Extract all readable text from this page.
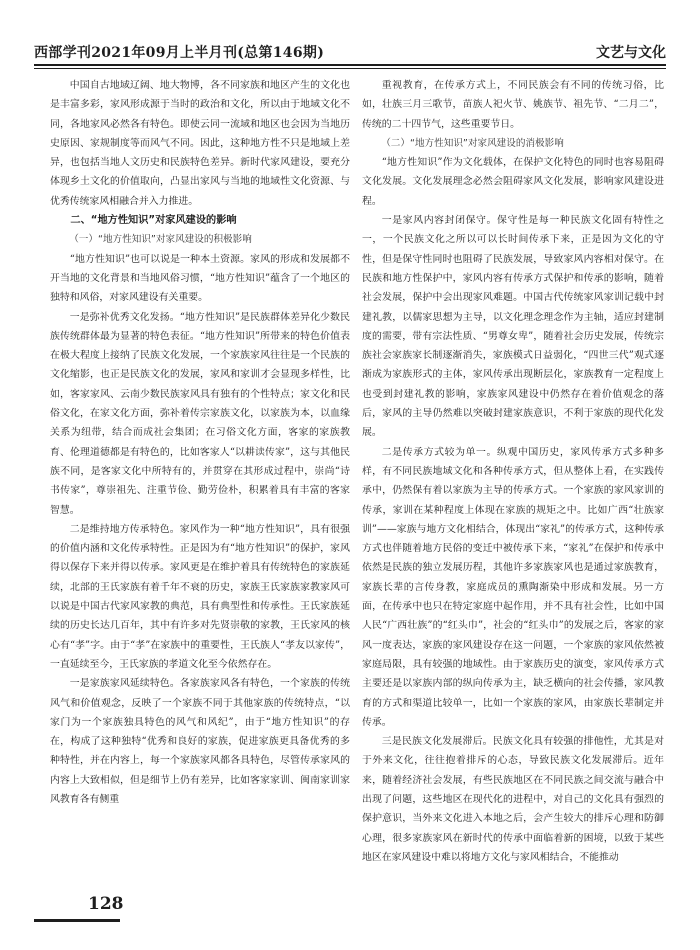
西部学刊2021年09月上半月刊(总第146期)	文艺与文化

中国自古地域辽阔、地大物博，各不同家族和地区产生的文化也是丰富多彩，家风形成源于当时的政治和文化，所以由于地域文化不同，各地家风必然各有特色。即使云同一流域和地区也会因为当地历史原因、家规制度等而风气不同。因此，这种地方性不只是地域上差异，也包括当地人文历史和民族特色差异。新时代家风建设，要充分体现乡土文化的价值取向，凸显出家风与当地的地域性文化资源、与优秀传统家风相融合并入力推进。

二、“地方性知识”对家风建设的影响

（一）“地方性知识”对家风建设的积极影响

“地方性知识”也可以说是一种本土资源。家风的形成和发展都不开当地的文化背景和当地风俗习惯，“地方性知识”蕴含了一个地区的独特和风俗，对家风建设有关重要。

一是弥补优秀文化发扬。“地方性知识”是民族群体差异化少数民族传统群体最为显著的特色表征。“地方性知识”所带来的特色价值表在极大程度上接纳了民族文化发展，一个家族家风往往是一个民族的文化缩影，也正是民族文化的发展，家风和家训才会显现多样性，比如，客家家风、云南少数民族家风具有独有的个性特点；家文化和民俗文化，在家文化方面，弥补着传宗家族文化，以家族为本，以血缘关系为纽带，结合而成社会集团；在习俗文化方面，客家的家族教育、伦理道德都是有特色的，比如客家人“以耕读传家”，这与其他民族不同，是客家文化中所特有的，并贯穿在其形成过程中，崇尚“诗书传家”，尊崇祖先、注重节俭、勤劳俭朴，积累着具有丰富的客家智慧。

二是维持地方传承特色。家风作为一种“地方性知识”，具有很强的价值内涵和文化传承特性。正是因为有“地方性知识”的保护，家风得以保存下来并得以传承。家风更是在维护着具有传统特色的家族延续，北部的王氏家族有着千年不衰的历史，家族王氏家族家教家风可以说是中国古代家风家教的典范，具有典型性和传承性。王氏家族延续的历史长达几百年，其中有许多对先贤崇敬的家教，王氏家风的核心有“孝”字。由于“孝”在家族中的重要性，王氏族人“孝友以家传”，一直延续至今，王氏家族的孝道文化至今依然存在。

一是家族家风延续特色。各家族家风各有特色，一个家族的传统风气和价值观念，反映了一个家族不同于其他家族的传统特点，“以家门为一个家族独具特色的风气和风纪”，由于“地方性知识”的存在，构成了这种独特“优秀和良好的家族，促进家族更具备优秀的多种特性，并在内容上，每一个家族家风都各具特色，尽管传承家风的内容上大致相似，但是细节上仍有差异，比如客家家训、闽南家训家风教育各有侧重

重视教育，在传承方式上，不同民族会有不同的传统习俗，比如，壮族三月三歌节，苗族人祀火节、姚族节、祖先节、“二月二”，传统的二十四节气，这些重要节日。

（二）“地方性知识”对家风建设的消极影响

“地方性知识”作为文化载体，在保护文化特色的同时也容易阻碍文化发展。文化发展理念必然会阻碍家风文化发展，影响家风建设进程。

一是家风内容封闭保守。保守性是每一种民族文化固有特性之一，一个民族文化之所以可以长时间传承下来，正是因为文化的守性，但是保守性同时也阻碍了民族发展，导致家风内容相对保守。在民族和地方性保护中，家风内容有传承方式保护和传承的影响，随着社会发展，保护中会出现家风难题。中国古代传统家风家训记载中封建礼教，以儒家思想为主导，以文化理念理念作为主轴，适应封建制度的需要，带有宗法性质、“男尊女卑”，随着社会历史发展，传统宗族社会家族家长制逐渐消失，家族模式日益弱化，“四世三代”观式逐渐成为家族形式的主体，家风传承出现断层化，家族教育一定程度上也受到封建礼教的影响，家族家风建设中仍然存在着价值观念的落后，家风的主导仍然难以突破封建家族意识，不利于家族的现代化发展。

二是传承方式较为单一。纵观中国历史，家风传承方式多种多样，有不同民族地域文化和各种传承方式，但从整体上看，在实践传承中，仍然保有着以家族为主导的传承方式。一个家族的家风家训的传承，家训在某种程度上体现在家族的规矩之中。比如广西“壮族家训”——家族与地方文化相结合，体现出“家礼”的传承方式，这种传承方式也伴随着地方民俗的变迁中被传承下来，“家礼”在保护和传承中依然是民族的独立发展历程，其他许多家族家风也是通过家族教育，家族长辈的言传身教，家庭成员的熏陶渐染中形成和发展。另一方面，在传承中也只在特定家庭中起作用，并不具有社会性，比如中国人民“广西壮族”的“红头巾”，社会的“红头巾”的发展之后，客家的家风一度表达，家族的家风建设存在这一问题，一个家族的家风依然被家庭局限，具有较强的地域性。由于家族历史的演变，家风传承方式主要还是以家族内部的纵向传承为主，缺乏横向的社会传播，家风教育的方式和渠道比较单一，比如一个家族的家风，由家族长辈制定并传承。

三是民族文化发展滞后。民族文化具有较强的排他性，尤其是对于外来文化，往往抱着排斥的心态，导致民族文化发展滞后。近年来，随着经济社会发展，有些民族地区在不同民族之间交流与融合中出现了问题，这些地区在现代化的进程中，对自己的文化具有强烈的保护意识，当外来文化进入本地之后，会产生较大的排斥心理和防御心理，很多家族家风在新时代的传承中面临着新的困境，以致于某些地区在家风建设中难以将地方文化与家风相结合，不能推动

128
